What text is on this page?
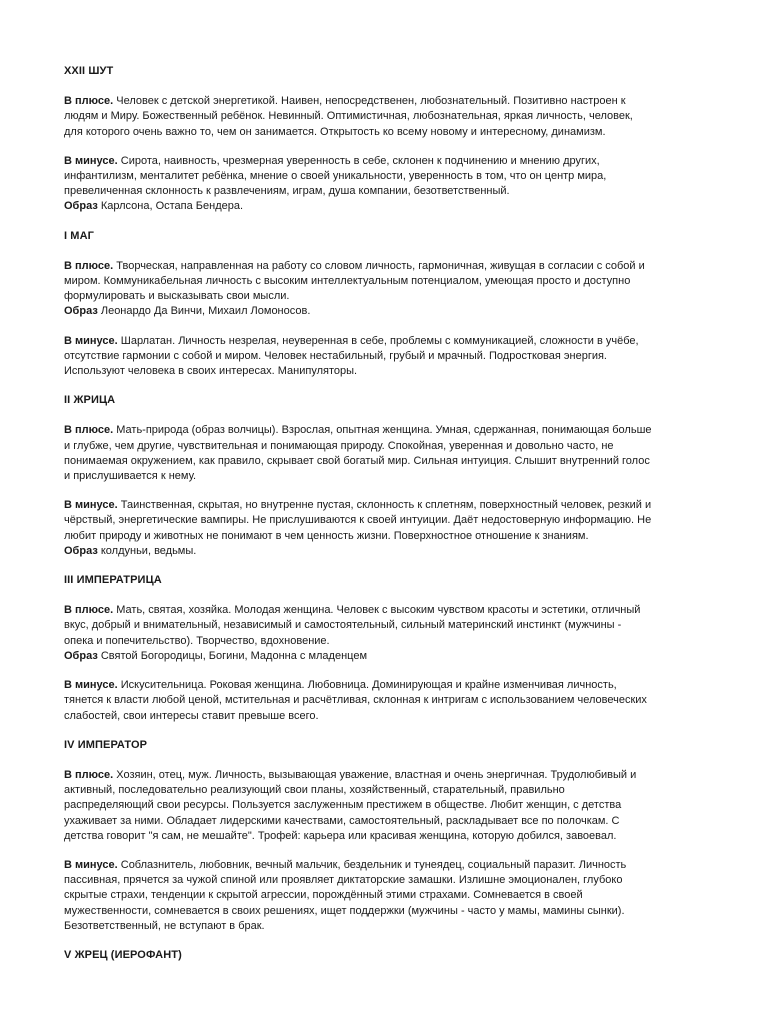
XXII ШУТ
В плюсе. Человек с детской энергетикой. Наивен, непосредственен, любознательный. Позитивно настроен к
людям и Миру. Божественный ребёнок. Невинный. Оптимистичная, любознательная, яркая личность, человек,
для которого очень важно то, чем он занимается. Открытость ко всему новому и интересному, динамизм.
В минусе. Сирота, наивность, чрезмерная уверенность в себе, склонен к подчинению и мнению других,
инфантилизм, менталитет ребёнка, мнение о своей уникальности, уверенность в том, что он центр мира,
превеличенная склонность к развлечениям, играм, душа компании, безответственный.
Образ Карлсона, Остапа Бендера.
I МАГ
В плюсе. Творческая, направленная на работу со словом личность, гармоничная, живущая в согласии с собой и
миром. Коммуникабельная личность с высоким интеллектуальным потенциалом, умеющая просто и доступно
формулировать и высказывать свои мысли.
Образ Леонардо Да Винчи, Михаил Ломоносов.
В минусе. Шарлатан. Личность незрелая, неуверенная в себе, проблемы с коммуникацией, сложности в учёбе,
отсутствие гармонии с собой и миром. Человек нестабильный, грубый и мрачный. Подростковая энергия.
Используют человека в своих интересах. Манипуляторы.
II ЖРИЦА
В плюсе. Мать-природа (образ волчицы). Взрослая, опытная женщина. Умная, сдержанная, понимающая больше
и глубже, чем другие, чувствительная и понимающая природу. Спокойная, уверенная и довольно часто, не
понимаемая окружением, как правило, скрывает свой богатый мир. Сильная интуиция. Слышит внутренний голос
и прислушивается к нему.
В минусе. Таинственная, скрытая, но внутренне пустая, склонность к сплетням, поверхностный человек, резкий и
чёрствый, энергетические вампиры. Не прислушиваются к своей интуиции. Даёт недостоверную информацию. Не
любит природу и животных не понимают в чем ценность жизни. Поверхностное отношение к знаниям.
Образ колдуньи, ведьмы.
III ИМПЕРАТРИЦА
В плюсе. Мать, святая, хозяйка. Молодая женщина. Человек с высоким чувством красоты и эстетики, отличный
вкус, добрый и внимательный, независимый и самостоятельный, сильный материнский инстинкт (мужчины -
опека и попечительство). Творчество, вдохновение.
Образ Святой Богородицы, Богини, Мадонна с младенцем
В минусе. Искусительница. Роковая женщина. Любовница. Доминирующая и крайне изменчивая личность,
тянется к власти любой ценой, мстительная и расчётливая, склонная к интригам с использованием человеческих
слабостей, свои интересы ставит превыше всего.
IV ИМПЕРАТОР
В плюсе. Хозяин, отец, муж. Личность, вызывающая уважение, властная и очень энергичная. Трудолюбивый и
активный, последовательно реализующий свои планы, хозяйственный, старательный, правильно
распределяющий свои ресурсы. Пользуется заслуженным престижем в обществе. Любит женщин, с детства
ухаживает за ними. Обладает лидерскими качествами, самостоятельный, раскладывает все по полочкам. С
детства говорит "я сам, не мешайте". Трофей: карьера или красивая женщина, которую добился, завоевал.
В минусе. Соблазнитель, любовник, вечный мальчик, бездельник и тунеядец, социальный паразит. Личность
пассивная, прячется за чужой спиной или проявляет диктаторские замашки. Излишне эмоционален, глубоко
скрытые страхи, тенденции к скрытой агрессии, порождённый этими страхами. Сомневается в своей
мужественности, сомневается в своих решениях, ищет поддержки (мужчины - часто у мамы, мамины сынки).
Безответственный, не вступают в брак.
V ЖРЕЦ (ИЕРОФАНТ)
